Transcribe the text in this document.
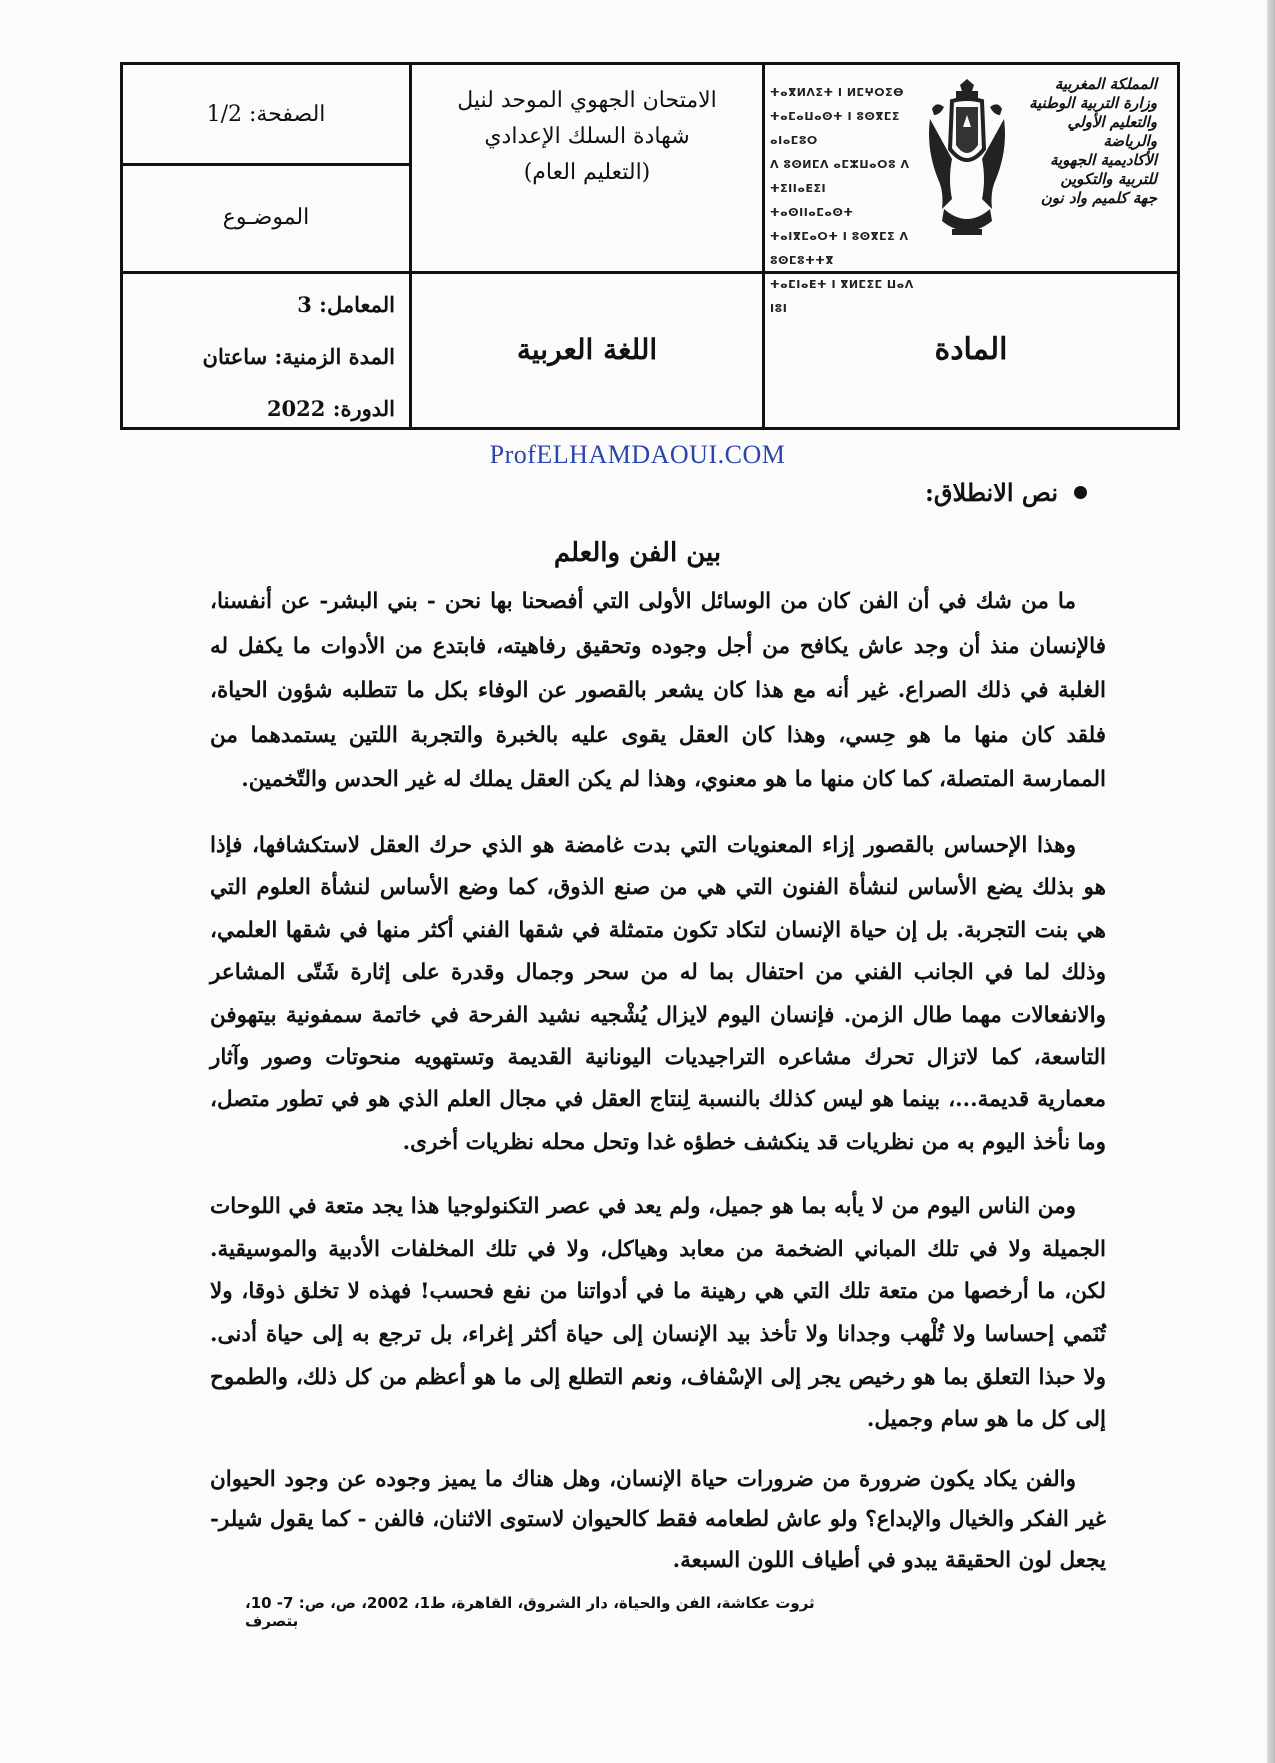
المملكة المغربية
وزارة التربية الوطنية
والتعليم الأولي والرياضة
الأكاديمية الجهوية للتربية والتكوين
جهة كلميم واد نون
ⵜⴰⴳⵍⴷⵉⵜ ⵏ ⵍⵎⵖⵔⵉⴱ
ⵜⴰⵎⴰⵡⴰⵙⵜ ⵏ ⵓⵙⴳⵎⵉ ⴰⵏⴰⵎⵓⵔ
ⴷ ⵓⵙⵍⵎⴷ ⴰⵎⵣⵡⴰⵔⵓ ⴷ ⵜⵉⵏⵏⴰⴹⵉⵏ
ⵜⴰⵙⵏⵏⴰⵎⴰⵙⵜ ⵜⴰⵏⴳⵎⴰⵔⵜ ⵏ ⵓⵙⴳⵎⵉ ⴷ ⵓⵙⵎⵓⵜⵜⴳ
ⵜⴰⵎⵏⴰⴹⵜ ⵏ ⴳⵍⵎⵉⵎ ⵡⴰⴷ ⵏⵓⵏ
الامتحان الجهوي الموحد لنيل
شهادة السلك الإعدادي
(التعليم العام)
الصفحة: 1/2
الموضـوع
المادة
اللغة العربية
المعامل: 3
المدة الزمنية: ساعتان
الدورة: 2022
ProfELHAMDAOUI.COM
نص الانطلاق:
بين الفن والعلم

ما من شك في أن الفن كان من الوسائل الأولى التي أفصحنا بها نحن - بني البشر- عن أنفسنا، فالإنسان منذ أن وجد عاش يكافح من أجل وجوده وتحقيق رفاهيته، فابتدع من الأدوات ما يكفل له الغلبة في ذلك الصراع. غير أنه مع هذا كان يشعر بالقصور عن الوفاء بكل ما تتطلبه شؤون الحياة، فلقد كان منها ما هو حِسي، وهذا كان العقل يقوى عليه بالخبرة والتجربة اللتين يستمدهما من الممارسة المتصلة، كما كان منها ما هو معنوي، وهذا لم يكن العقل يملك له غير الحدس والتّخمين.

وهذا الإحساس بالقصور إزاء المعنويات التي بدت غامضة هو الذي حرك العقل لاستكشافها، فإذا هو بذلك يضع الأساس لنشأة الفنون التي هي من صنع الذوق، كما وضع الأساس لنشأة العلوم التي هي بنت التجربة. بل إن حياة الإنسان لتكاد تكون متمثلة في شقها الفني أكثر منها في شقها العلمي، وذلك لما في الجانب الفني من احتفال بما له من سحر وجمال وقدرة على إثارة شَتّى المشاعر والانفعالات مهما طال الزمن. فإنسان اليوم لايزال يُشْجيه نشيد الفرحة في خاتمة سمفونية بيتهوفن التاسعة، كما لاتزال تحرك مشاعره التراجيديات اليونانية القديمة وتستهويه منحوتات وصور وآثار معمارية قديمة...، بينما هو ليس كذلك بالنسبة لِنتاج العقل في مجال العلم الذي هو في تطور متصل، وما نأخذ اليوم به من نظريات قد ينكشف خطؤه غدا وتحل محله نظريات أخرى.

ومن الناس اليوم من لا يأبه بما هو جميل، ولم يعد في عصر التكنولوجيا هذا يجد متعة في اللوحات الجميلة ولا في تلك المباني الضخمة من معابد وهياكل، ولا في تلك المخلفات الأدبية والموسيقية. لكن، ما أرخصها من متعة تلك التي هي رهينة ما في أدواتنا من نفع فحسب! فهذه لا تخلق ذوقا، ولا تُنَمي إحساسا ولا تُلْهب وجدانا ولا تأخذ بيد الإنسان إلى حياة أكثر إغراء، بل ترجع به إلى حياة أدنى. ولا حبذا التعلق بما هو رخيص يجر إلى الإسْفاف، ونعم التطلع إلى ما هو أعظم من كل ذلك، والطموح إلى كل ما هو سام وجميل.

والفن يكاد يكون ضرورة من ضرورات حياة الإنسان، وهل هناك ما يميز وجوده عن وجود الحيوان غير الفكر والخيال والإبداع؟ ولو عاش لطعامه فقط كالحيوان لاستوى الاثنان، فالفن - كما يقول شيلر- يجعل لون الحقيقة يبدو في أطياف اللون السبعة.

ثروت عكاشة، الفن والحياة، دار الشروق، القاهرة، ط1، 2002، ص، ص: 7- 10، بتصرف
